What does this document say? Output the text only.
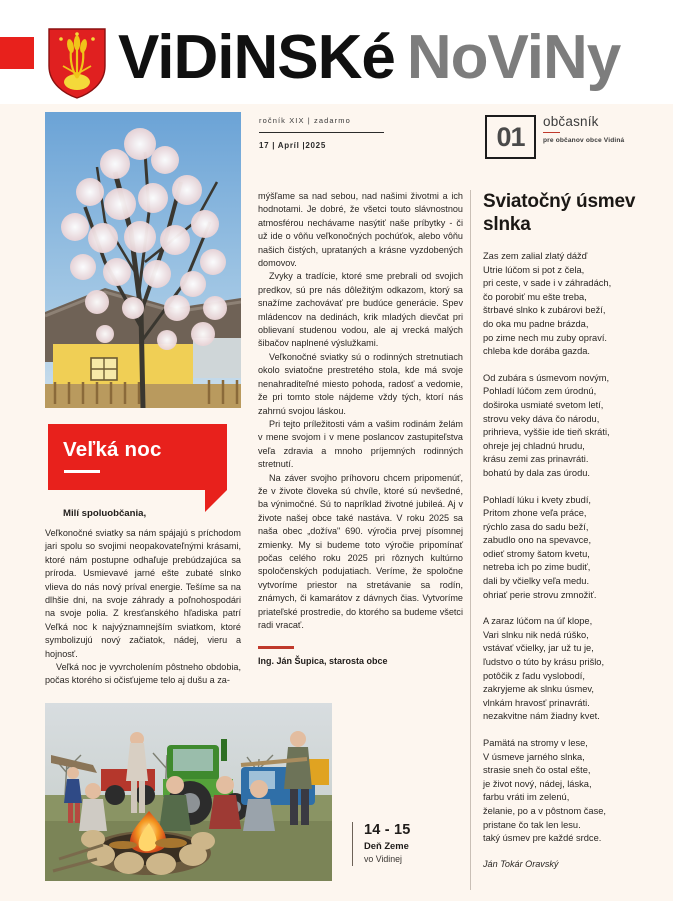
ViDiNSKé NoViNy
ročník XIX | zadarmo
17 | Apríl |2025	01 občasník
pre občanov obce Vidiná
Veľká noc
Milí spoluobčania,

Veľkonočné sviatky sa nám spájajú s príchodom jari spolu so svojimi neopakovateľnými krásami, ktoré nám postupne odhaľuje prebúdzajúca sa príroda. Usmievavé jarné ešte zubaté slnko vlieva do nás nový príval energie. Tešíme sa na dlhšie dni, na svoje záhrady a poľnohospodári na svoje polia. Z kresťanského hľadiska patrí Veľká noc k najvýznamnejším sviatkom, ktoré symbolizujú nový začiatok, nádej, vieru a hojnosť.

Veľká noc je vyvrcholením pôstneho obdobia, počas ktorého si očisťujeme telo aj dušu a za-

mýšľame sa nad sebou, nad našimi životmi a ich hodnotami. Je dobré, že všetci touto slávnostnou atmosférou nechávame nasýtiť naše príbytky - či už ide o vôňu veľkonočných pochúťok, alebo vôňu našich čistých, uprataných a krásne vyzdobených domovov.

Zvyky a tradície, ktoré sme prebrali od svojich predkov, sú pre nás dôležitým odkazom, ktorý sa snažíme zachovávať pre budúce generácie. Spev mládencov na dedinách, krik mladých dievčat pri oblievaní studenou vodou, ale aj vrecká malých šibačov naplnené výslužkami.

Veľkonočné sviatky sú o rodinných stretnutiach okolo sviatočne prestretého stola, kde má svoje nenahraditeľné miesto pohoda, radosť a vedomie, že pri tomto stole nájdeme vždy tých, ktorí nás zahrnú svojou láskou.

Pri tejto príležitosti vám a vašim rodinám želám v mene svojom i v mene poslancov zastupiteľstva veľa zdravia a mnoho príjemných rodinných stretnutí.

Na záver svojho príhovoru chcem pripomenúť, že v živote človeka sú chvíle, ktoré sú nevšedné, ba výnimočné. Sú to napríklad životné jubileá. Aj v živote našej obce také nastáva. V roku 2025 sa naša obec „dožíva" 690. výročia prvej písomnej zmienky. My si budeme toto výročie pripomínať počas celého roku 2025 pri rôznych kultúrno spoločenských podujatiach. Veríme, že spoločne vytvoríme priestor na stretávanie sa rodín, známych, či kamarátov z dávnych čias. Vytvoríme priateľské prostredie, do ktorého sa budeme všetci radi vracať.

Ing. Ján Šupica, starosta obce
Sviatočný úsmev slnka
Zas zem zalial zlatý dážď
Utrie lúčom si pot z čela,
pri ceste, v sade i v záhradách,
čo porobiť mu ešte treba,
štrbavé slnko k zubárovi beží,
do oka mu padne brázda,
po zime nech mu zuby opraví.
chleba kde dorába gazda.
Od zubára s úsmevom novým,
Pohladí lúčom zem úrodnú,
doširoka usmiaté svetom letí,
strovu veky dáva čo národu,
prihrieva, vyššie ide tieň skráti,
ohreje jej chladnú hrudu,
krásu zemi zas prinavráti.
bohatú by dala zas úrodu.
Pohladí lúku i kvety zbudí,
Pritom zhone veľa práce,
rýchlo zasa do sadu beží,
zabudlo ono na spevavce,
odieť stromy šatom kvetu,
netreba ich po zime budiť,
dali by včielky veľa medu.
ohriať perie strovu zmnožiť.
A zaraz lúčom na úľ klope,
Vari slnku nik nedá rúško,
vstávať včielky, jar už tu je,
ľudstvo o túto by krásu prišlo,
potôčik z ľadu vyslobodí,
zakryjeme ak slnku úsmev,
vlnkám hravosť prinavráti.
nezakvitne nám žiadny kvet.
Pamätá na stromy v lese,
V úsmeve jarného slnka,
strasie sneh čo ostal ešte,
je život nový, nádej, láska,
farbu vráti im zelenú,
želanie, po a v pôstnom čase,
pristane čo tak len lesu.
taký úsmev pre každé srdce.
Ján Tokár Oravský
14 - 15
Deň Zeme
vo Vidinej
